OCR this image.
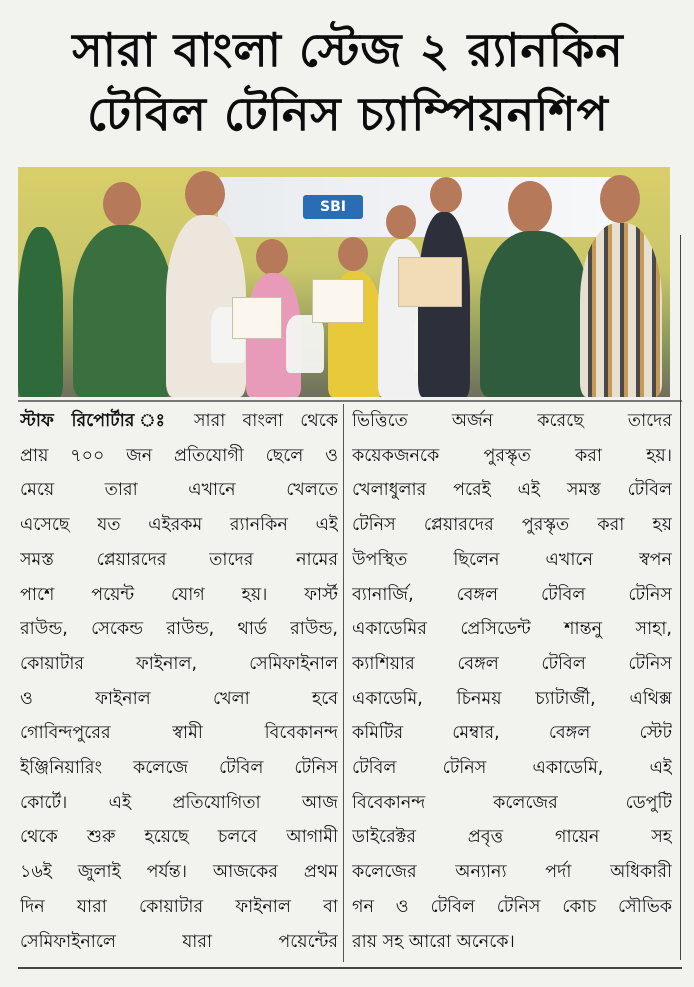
সারা বাংলা স্টেজ ২ র‍্যানকিন
টেবিল টেনিস চ্যাম্পিয়নশিপ
SBI
স্টাফ রিপোর্টার ঃ সারা বাংলা থেকে
প্রায় ৭০০ জন প্রতিযোগী ছেলে ও
মেয়ে তারা এখানে খেলতে
এসেছে যত এইরকম র‍্যানকিন এই
সমস্ত প্লেয়ারদের তাদের নামের
পাশে পয়েন্ট যোগ হয়। ফার্স্ট
রাউন্ড, সেকেন্ড রাউন্ড, থার্ড রাউন্ড,
কোয়াটার ফাইনাল, সেমিফাইনাল
ও ফাইনাল খেলা হবে
গোবিন্দপুরের স্বামী বিবেকানন্দ
ইঞ্জিনিয়ারিং কলেজে টেবিল টেনিস
কোর্টে। এই প্রতিযোগিতা আজ
থেকে শুরু হয়েছে চলবে আগামী
১৬ই জুলাই পর্যন্ত। আজকের প্রথম
দিন যারা কোয়াটার ফাইনাল বা
সেমিফাইনালে যারা পয়েন্টের
ভিত্তিতে অর্জন করেছে তাদের
কয়েকজনকে পুরস্কৃত করা হয়।
খেলাধুলার পরেই এই সমস্ত টেবিল
টেনিস প্লেয়ারদের পুরস্কৃত করা হয়
উপস্থিত ছিলেন এখানে স্বপন
ব্যানার্জি, বেঙ্গল টেবিল টেনিস
একাডেমির প্রেসিডেন্ট শান্তনু সাহা,
ক্যাশিয়ার বেঙ্গল টেবিল টেনিস
একাডেমি, চিনময় চ্যাটার্জী, এথিক্স
কমিটির মেম্বার, বেঙ্গল স্টেট
টেবিল টেনিস একাডেমি, এই
বিবেকানন্দ কলেজের ডেপুটি
ডাইরেক্টর প্রবৃত্ত গায়েন সহ
কলেজের অন্যান্য পর্দা অধিকারী
গন ও টেবিল টেনিস কোচ সৌভিক
রায় সহ আরো অনেকে।
